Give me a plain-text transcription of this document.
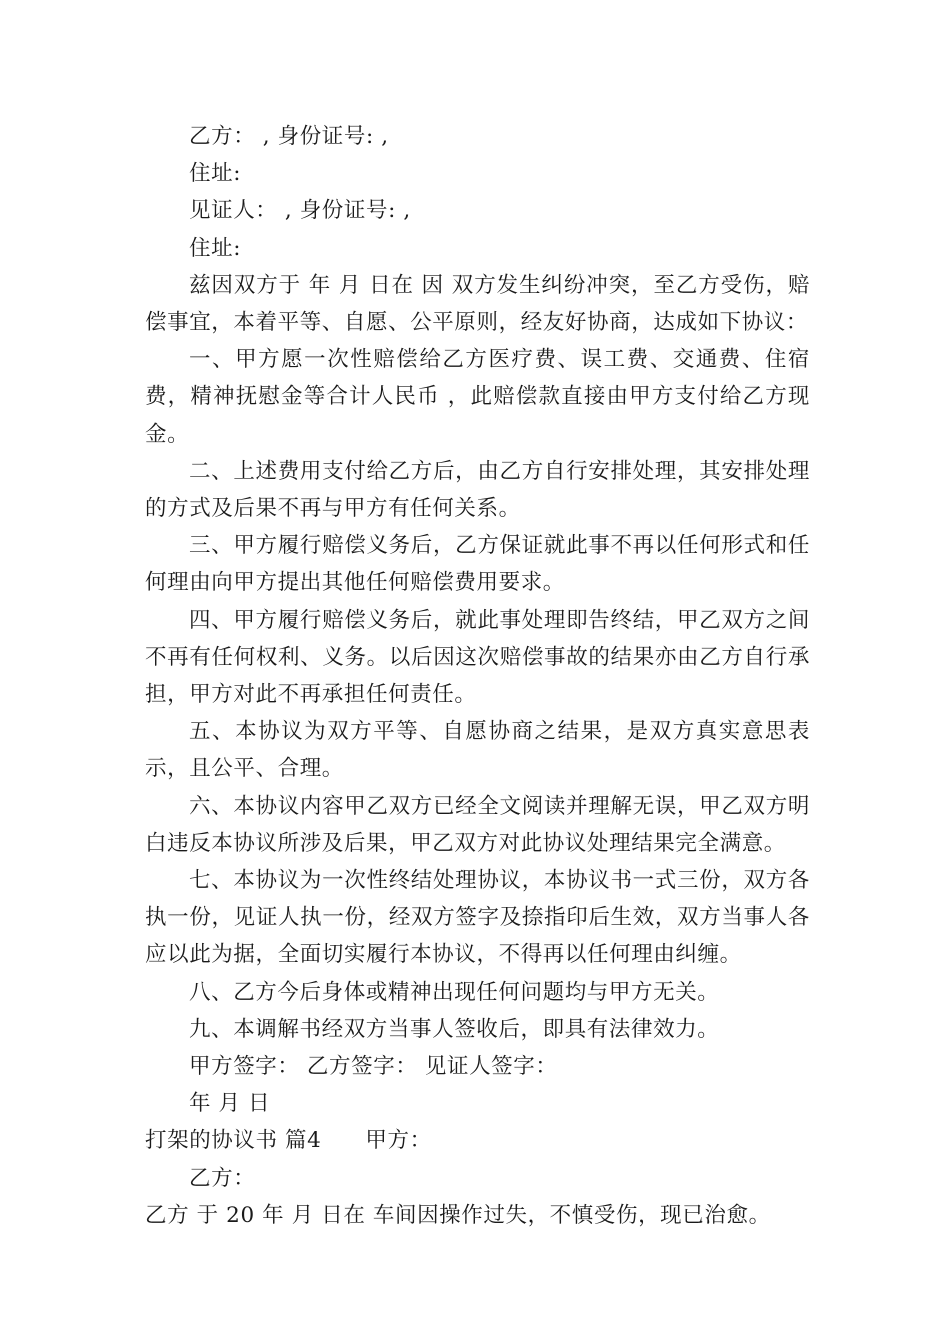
乙方： , 身份证号: ,

住址:

见证人： , 身份证号: ,

住址:

兹因双方于 年 月 日在 因 双方发生纠纷冲突，至乙方受伤，赔偿事宜，本着平等、自愿、公平原则，经友好协商，达成如下协议：

一、甲方愿一次性赔偿给乙方医疗费、误工费、交通费、住宿费，精神抚慰金等合计人民币 ，此赔偿款直接由甲方支付给乙方现金。

二、上述费用支付给乙方后，由乙方自行安排处理，其安排处理的方式及后果不再与甲方有任何关系。

三、甲方履行赔偿义务后，乙方保证就此事不再以任何形式和任何理由向甲方提出其他任何赔偿费用要求。

四、甲方履行赔偿义务后，就此事处理即告终结，甲乙双方之间不再有任何权利、义务。以后因这次赔偿事故的结果亦由乙方自行承担，甲方对此不再承担任何责任。

五、本协议为双方平等、自愿协商之结果，是双方真实意思表示，且公平、合理。

六、本协议内容甲乙双方已经全文阅读并理解无误，甲乙双方明白违反本协议所涉及后果，甲乙双方对此协议处理结果完全满意。

七、本协议为一次性终结处理协议，本协议书一式三份，双方各执一份，见证人执一份，经双方签字及捺指印后生效，双方当事人各应以此为据，全面切实履行本协议，不得再以任何理由纠缠。

八、乙方今后身体或精神出现任何问题均与甲方无关。

九、本调解书经双方当事人签收后，即具有法律效力。

甲方签字： 乙方签字： 见证人签字：

年 月 日

打架的协议书 篇4 甲方：

乙方：

乙方 于 20 年 月 日在 车间因操作过失，不慎受伤，现已治愈。
